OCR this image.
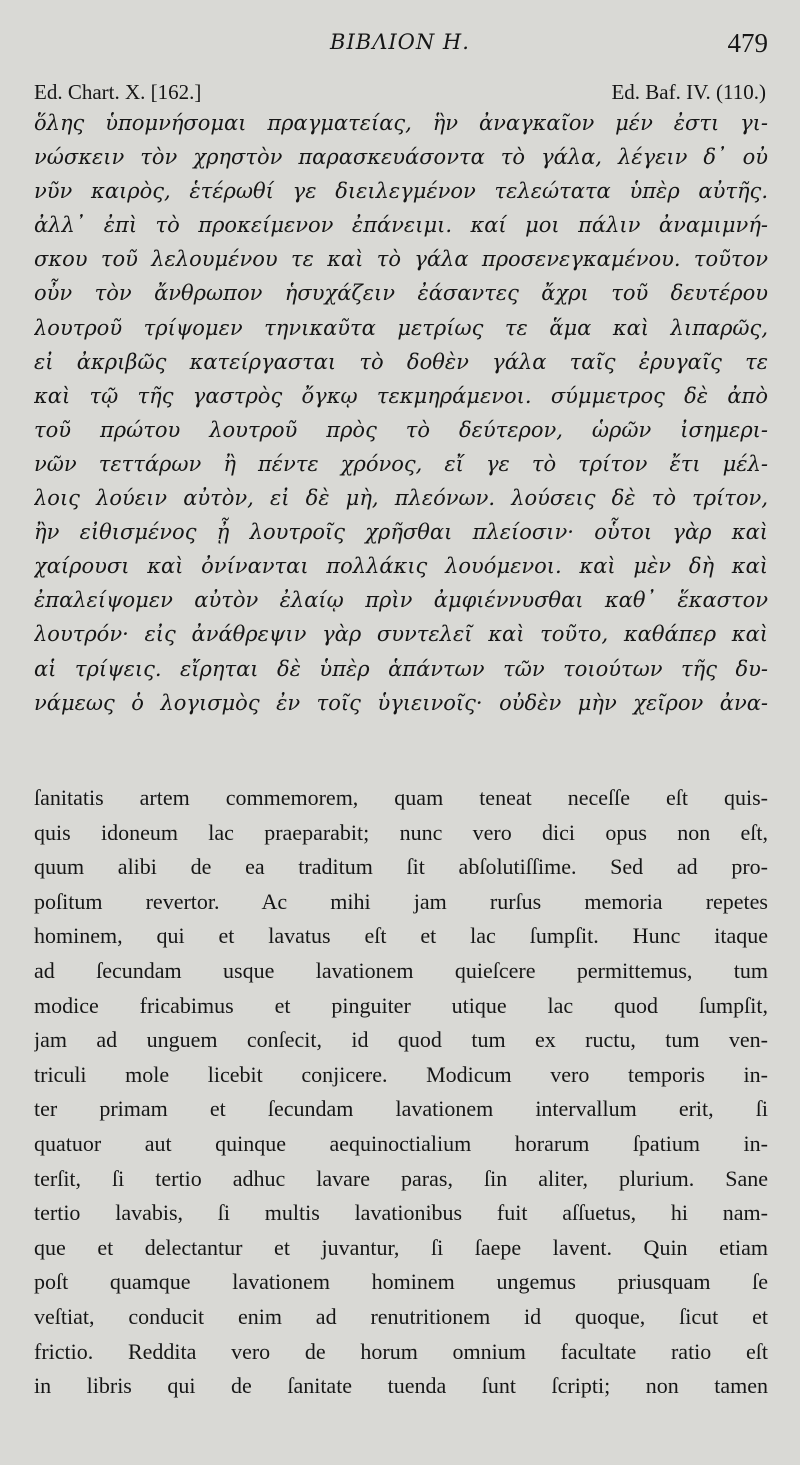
ΒΙΒΛΙΟΝ Η.	479
Ed. Chart. X. [162.]	Ed. Baf. IV. (110.)
ὅλης ὑπομνήσομαι πραγματείας, ἣν ἀναγκαῖον μέν ἐστι γι-
νώσκειν τὸν χρηστὸν παρασκευάσοντα τὸ γάλα, λέγειν δ᾽ οὐ
νῦν καιρὸς, ἑτέρωθί γε διειλεγμένον τελεώτατα ὑπὲρ αὐτῆς.
ἀλλ᾽ ἐπὶ τὸ προκείμενον ἐπάνειμι. καί μοι πάλιν ἀναμιμνή-
σκου τοῦ λελουμένου τε καὶ τὸ γάλα προσενεγκαμένου. τοῦτον
οὖν τὸν ἄνθρωπον ἡσυχάζειν ἐάσαντες ἄχρι τοῦ δευτέρου
λουτροῦ τρίψομεν τηνικαῦτα μετρίως τε ἅμα καὶ λιπαρῶς,
εἰ ἀκριβῶς κατείργασται τὸ δοθὲν γάλα ταῖς ἐρυγαῖς τε
καὶ τῷ τῆς γαστρὸς ὄγκῳ τεκμηράμενοι. σύμμετρος δὲ ἀπὸ
τοῦ πρώτου λουτροῦ πρὸς τὸ δεύτερον, ὡρῶν ἰσημερι-
νῶν τεττάρων ἢ πέντε χρόνος, εἴ γε τὸ τρίτον ἔτι μέλ-
λοις λούειν αὐτὸν, εἰ δὲ μὴ, πλεόνων. λούσεις δὲ τὸ τρίτον,
ἢν εἰθισμένος ᾖ λουτροῖς χρῆσθαι πλείοσιν· οὗτοι γὰρ καὶ
χαίρουσι καὶ ὀνίνανται πολλάκις λουόμενοι. καὶ μὲν δὴ καὶ
ἐπαλείψομεν αὐτὸν ἐλαίῳ πρὶν ἀμφιέννυσθαι καθ᾽ ἕκαστον
λουτρόν· εἰς ἀνάθρεψιν γὰρ συντελεῖ καὶ τοῦτο, καθάπερ καὶ
αἱ τρίψεις. εἴρηται δὲ ὑπὲρ ἁπάντων τῶν τοιούτων τῆς δυ-
νάμεως ὁ λογισμὸς ἐν τοῖς ὑγιεινοῖς· οὐδὲν μὴν χεῖρον ἀνα-
ſanitatis artem commemorem, quam teneat neceſſe eſt quis-
quis idoneum lac praeparabit; nunc vero dici opus non eſt,
quum alibi de ea traditum ſit abſolutiſſime. Sed ad pro-
poſitum revertor. Ac mihi jam rurſus memoria repetes
hominem, qui et lavatus eſt et lac ſumpſit. Hunc itaque
ad ſecundam usque lavationem quieſcere permittemus, tum
modice fricabimus et pinguiter utique lac quod ſumpſit,
jam ad unguem conſecit, id quod tum ex ructu, tum ven-
triculi mole licebit conjicere. Modicum vero temporis in-
ter primam et ſecundam lavationem intervallum erit, ſi
quatuor aut quinque aequinoctialium horarum ſpatium in-
terſit, ſi tertio adhuc lavare paras, ſin aliter, plurium. Sane
tertio lavabis, ſi multis lavationibus fuit aſſuetus, hi nam-
que et delectantur et juvantur, ſi ſaepe lavent. Quin etiam
poſt quamque lavationem hominem ungemus priusquam ſe
veſtiat, conducit enim ad renutritionem id quoque, ſicut et
frictio. Reddita vero de horum omnium facultate ratio eſt
in libris qui de ſanitate tuenda ſunt ſcripti; non tamen
